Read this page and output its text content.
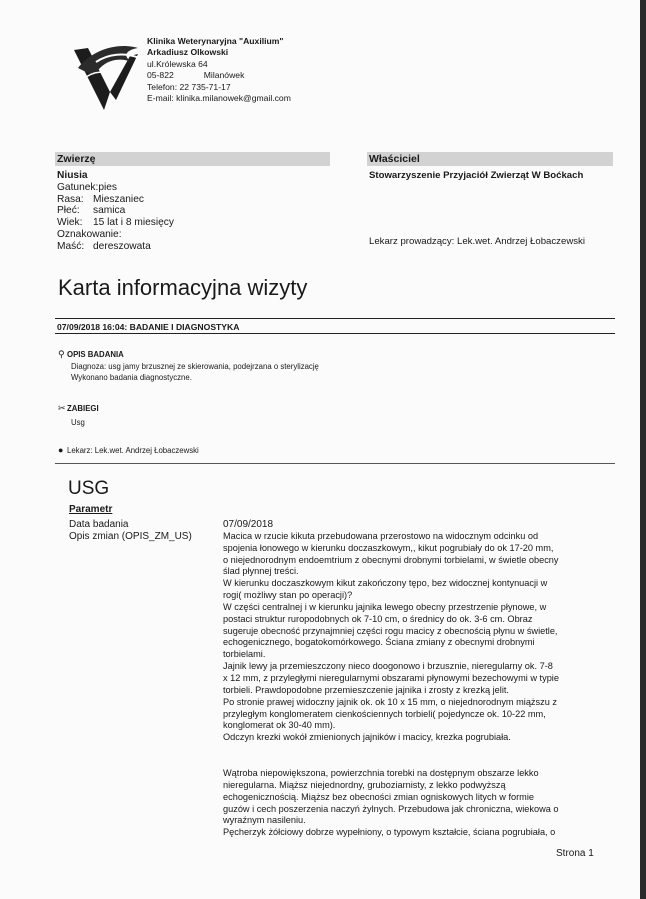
Klinika Weterynaryjna "Auxilium"
Arkadiusz Olkowski
ul.Królewska 64
05-822	Milanówek
Telefon: 22 735-71-17
E-mail: klinika.milanowek@gmail.com
Zwierzę	Właściciel
Niusia
Gatunek:pies
Rasa: Mieszaniec
Płeć: samica
Wiek: 15 lat i 8 miesięcy
Oznakowanie:
Maść: dereszowata
Stowarzyszenie Przyjaciół Zwierząt W Boćkach
Lekarz prowadzący: Lek.wet. Andrzej Łobaczewski
Karta informacyjna wizyty
07/09/2018 16:04: BADANIE I DIAGNOSTYKA
⚲ OPIS BADANIA
Diagnoza: usg jamy brzusznej ze skierowania, podejrzana o sterylizację
Wykonano badania diagnostyczne.
✂ZABIEGI
Usg
● Lekarz: Lek.wet. Andrzej Łobaczewski
USG
Parametr
Data badania
Opis zmian (OPIS_ZM_US)
07/09/2018
Macica w rzucie kikuta przebudowana przerostowo na widocznym odcinku od
spojenia łonowego w kierunku doczaszkowym,, kikut pogrubiały do ok 17-20 mm,
o niejednorodnym endoemtrium z obecnymi drobnymi torbielami, w świetle obecny
ślad płynnej treści.
W kierunku doczaszkowym kikut zakończony tępo, bez widocznej kontynuacji w
rogi( możliwy stan po operacji)?
W części centralnej i w kierunku jajnika lewego obecny przestrzenie płynowe, w
postaci struktur ruropodobnych ok 7-10 cm, o średnicy do ok. 3-6 cm. Obraz
sugeruje obecność przynajmniej części rogu macicy z obecnością płynu w świetle,
echogenicznego, bogatokomórkowego. Ściana zmiany z obecnymi drobnymi
torbielami.
Jajnik lewy ja przemieszczony nieco doogonowo i brzusznie, nieregularny ok. 7-8
x 12 mm, z przyległymi nieregularnymi obszarami płynowymi bezechowymi w typie
torbieli. Prawdopodobne przemieszczenie jajnika i zrosty z krezką jelit.
Po stronie prawej widoczny jajnik ok. ok 10 x 15 mm, o niejednorodnym miąższu z
przyległym konglomeratem cienkościennych torbieli( pojedyncze ok. 10-22 mm,
konglomerat ok 30-40 mm).
Odczyn krezki wokół zmienionych jajników i macicy, krezka pogrubiała.
Wątroba niepowiększona, powierzchnia torebki na dostępnym obszarze lekko
nieregularna. Miąższ niejednordny, gruboziarnisty, z lekko podwyższą
echogenicznością. Miąższ bez obecności zmian ogniskowych litych w formie
guzów i cech poszerzenia naczyń żylnych. Przebudowa jak chroniczna, wiekowa o
wyraźnym nasileniu.
Pęcherzyk żółciowy dobrze wypełniony, o typowym kształcie, ściana pogrubiała, o
Strona 1
